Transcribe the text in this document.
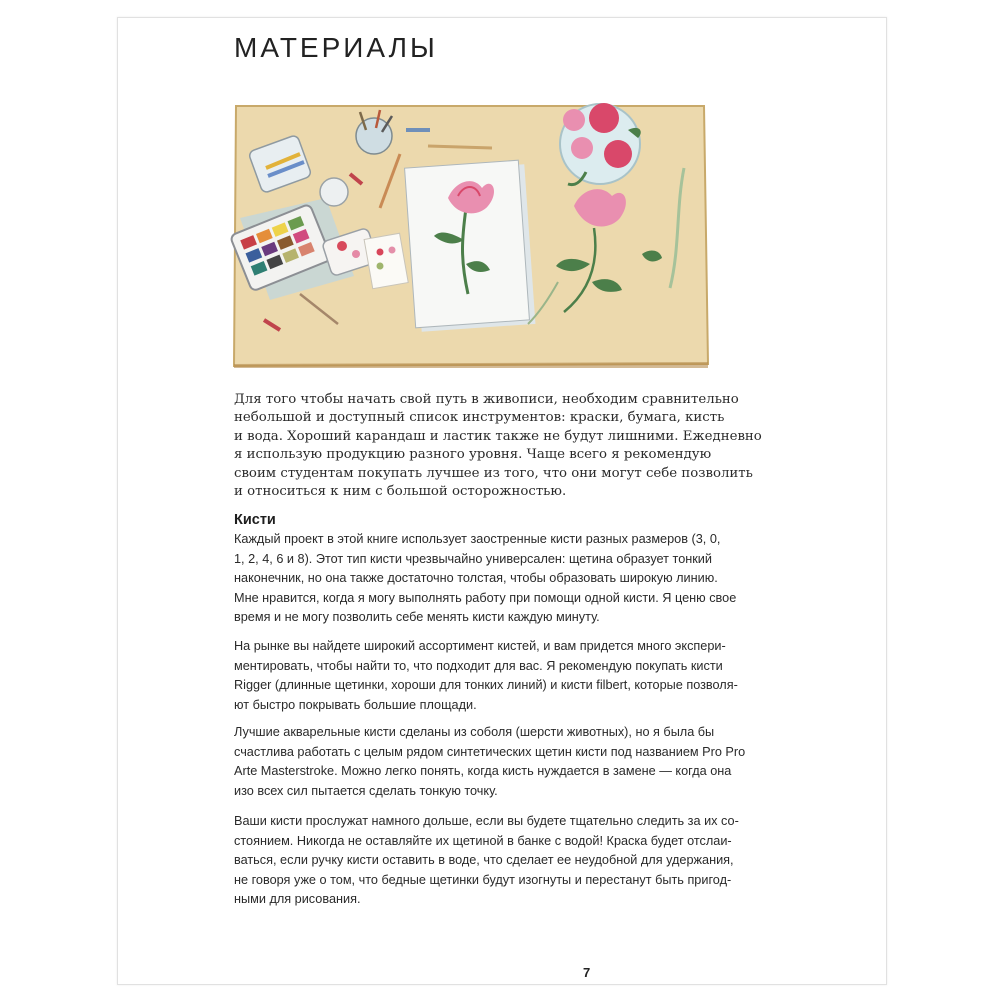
МАТЕРИАЛЫ

Для того чтобы начать свой путь в живописи, необходим сравнительно
небольшой и доступный список инструментов: краски, бумага, кисть
и вода. Хороший карандаш и ластик также не будут лишними. Ежедневно
я использую продукцию разного уровня. Чаще всего я рекомендую
своим студентам покупать лучшее из того, что они могут себе позволить
и относиться к ним с большой осторожностью.

Кисти

Каждый проект в этой книге использует заостренные кисти разных размеров (3, 0,
1, 2, 4, 6 и 8). Этот тип кисти чрезвычайно универсален: щетина образует тонкий
наконечник, но она также достаточно толстая, чтобы образовать широкую линию.
Мне нравится, когда я могу выполнять работу при помощи одной кисти. Я ценю свое
время и не могу позволить себе менять кисти каждую минуту.

На рынке вы найдете широкий ассортимент кистей, и вам придется много экспери-
ментировать, чтобы найти то, что подходит для вас. Я рекомендую покупать кисти
Rigger (длинные щетинки, хороши для тонких линий) и кисти filbert, которые позволя-
ют быстро покрывать большие площади.

Лучшие акварельные кисти сделаны из соболя (шерсти животных), но я была бы
счастлива работать с целым рядом синтетических щетин кисти под названием Pro Pro
Arte Masterstroke. Можно легко понять, когда кисть нуждается в замене — когда она
изо всех сил пытается сделать тонкую точку.

Ваши кисти прослужат намного дольше, если вы будете тщательно следить за их со-
стоянием. Никогда не оставляйте их щетиной в банке с водой! Краска будет отслаи-
ваться, если ручку кисти оставить в воде, что сделает ее неудобной для удержания,
не говоря уже о том, что бедные щетинки будут изогнуты и перестанут быть пригод-
ными для рисования.

7
